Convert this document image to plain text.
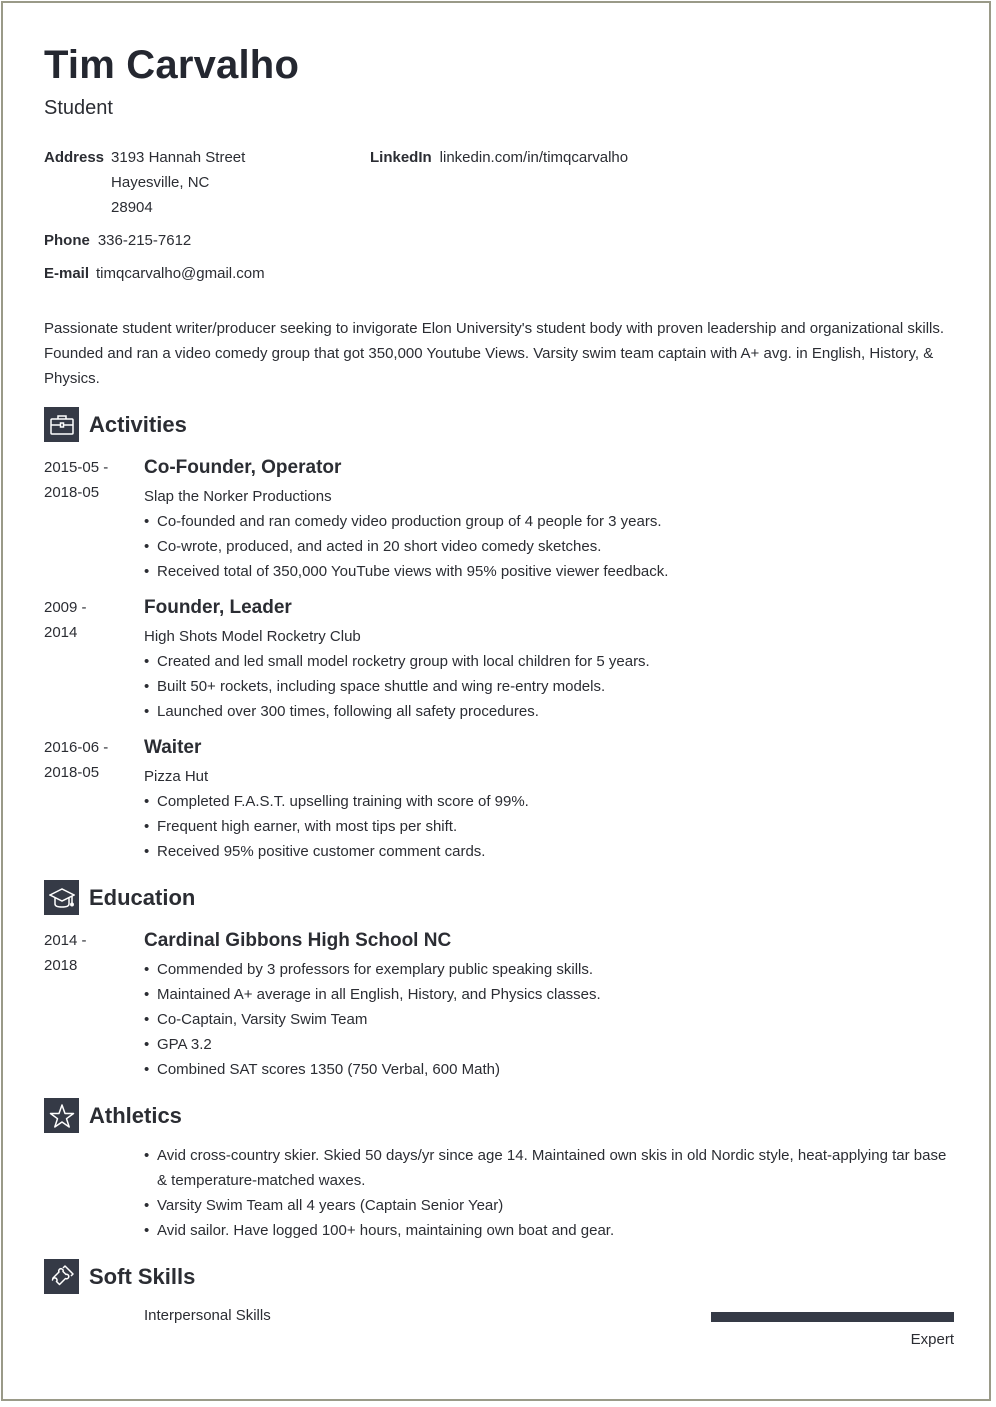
Tim Carvalho
Student
Address 3193 Hannah Street
Hayesville, NC
28904
LinkedIn linkedin.com/in/timqcarvalho
Phone 336-215-7612
E-mail timqcarvalho@gmail.com
Passionate student writer/producer seeking to invigorate Elon University's student body with proven leadership and organizational skills. Founded and ran a video comedy group that got 350,000 Youtube Views. Varsity swim team captain with A+ avg. in English, History, & Physics.
Activities
2015-05 -
2018-05
Co-Founder, Operator
Slap the Norker Productions
• Co-founded and ran comedy video production group of 4 people for 3 years.
• Co-wrote, produced, and acted in 20 short video comedy sketches.
• Received total of 350,000 YouTube views with 95% positive viewer feedback.
2009 -
2014
Founder, Leader
High Shots Model Rocketry Club
• Created and led small model rocketry group with local children for 5 years.
• Built 50+ rockets, including space shuttle and wing re-entry models.
• Launched over 300 times, following all safety procedures.
2016-06 -
2018-05
Waiter
Pizza Hut
• Completed F.A.S.T. upselling training with score of 99%.
• Frequent high earner, with most tips per shift.
• Received 95% positive customer comment cards.
Education
2014 -
2018
Cardinal Gibbons High School NC
• Commended by 3 professors for exemplary public speaking skills.
• Maintained A+ average in all English, History, and Physics classes.
• Co-Captain, Varsity Swim Team
• GPA 3.2
• Combined SAT scores 1350 (750 Verbal, 600 Math)
Athletics
• Avid cross-country skier. Skied 50 days/yr since age 14. Maintained own skis in old Nordic style, heat-applying tar base & temperature-matched waxes.
• Varsity Swim Team all 4 years (Captain Senior Year)
• Avid sailor. Have logged 100+ hours, maintaining own boat and gear.
Soft Skills
Interpersonal Skills
Expert
